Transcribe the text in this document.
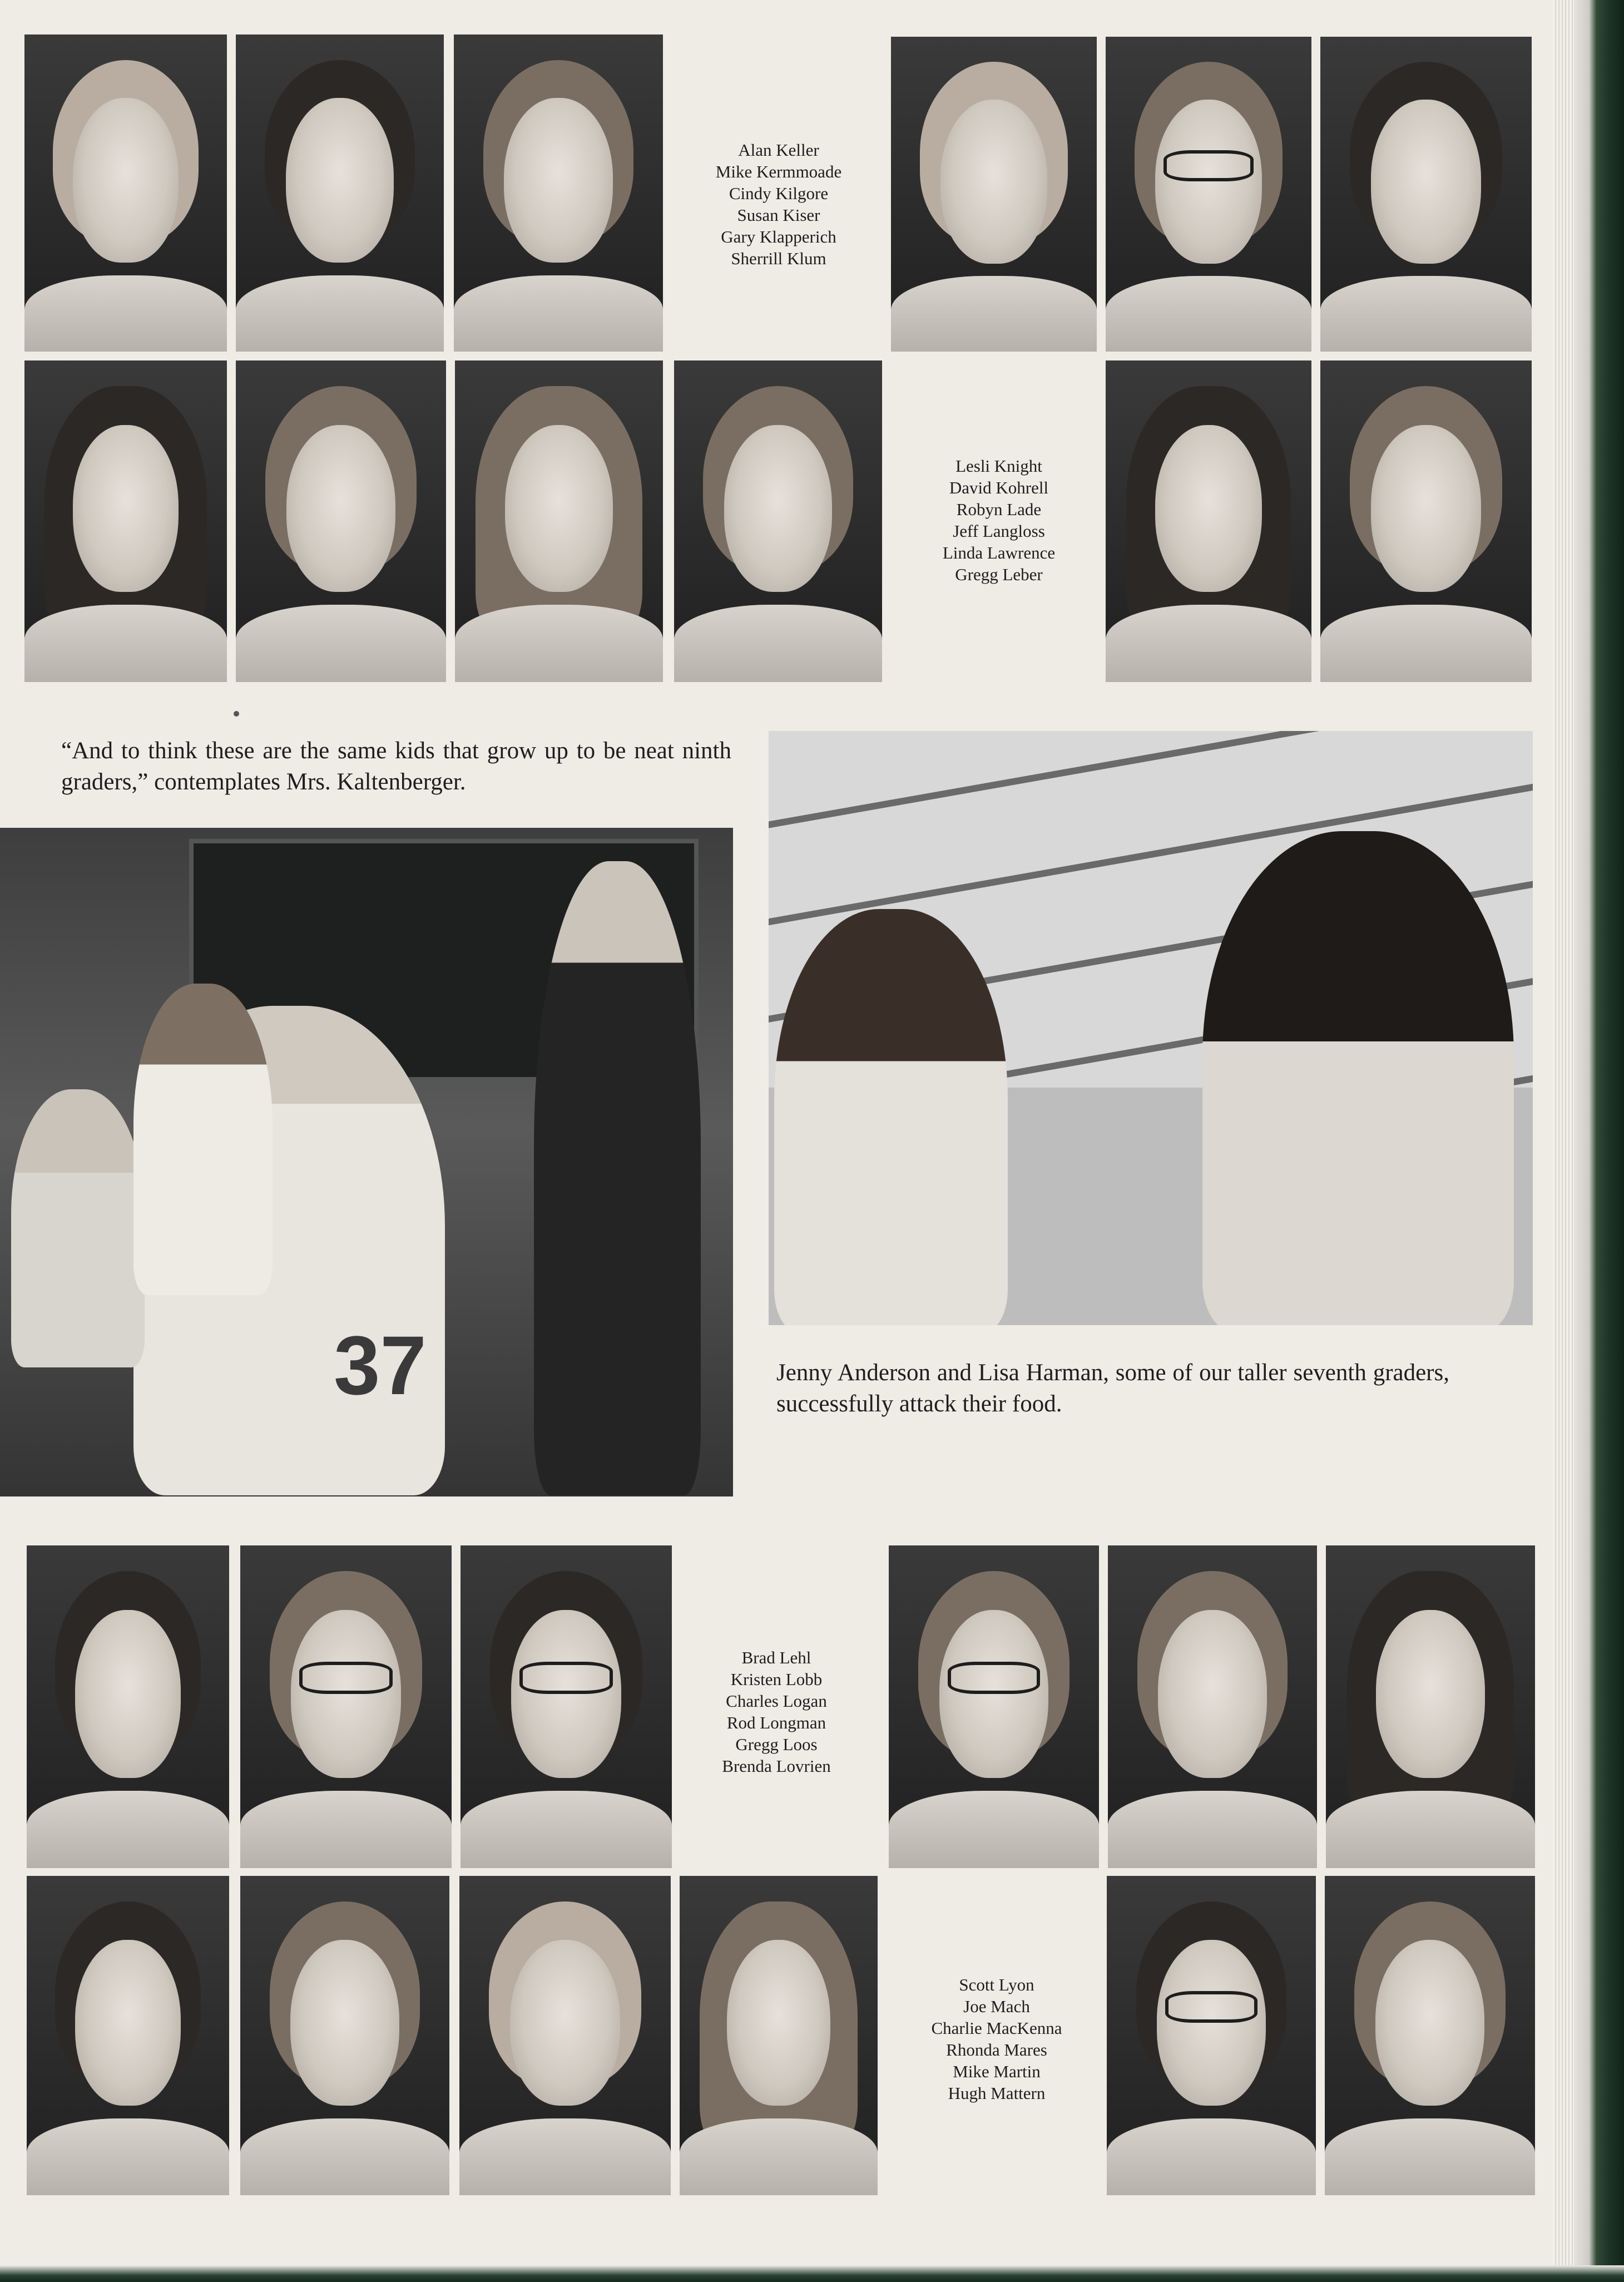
Alan Keller
Mike Kermmoade
Cindy Kilgore
Susan Kiser
Gary Klapperich
Sherrill Klum
Lesli Knight
David Kohrell
Robyn Lade
Jeff Langloss
Linda Lawrence
Gregg Leber
“And to think these are the same kids that grow up to be neat ninth graders,” contemplates Mrs. Kaltenberger.
37	Jenny Anderson and Lisa Harman, some of our taller seventh graders, successfully attack their food.
Brad Lehl
Kristen Lobb
Charles Logan
Rod Longman
Gregg Loos
Brenda Lovrien
Scott Lyon
Joe Mach
Charlie MacKenna
Rhonda Mares
Mike Martin
Hugh Mattern
